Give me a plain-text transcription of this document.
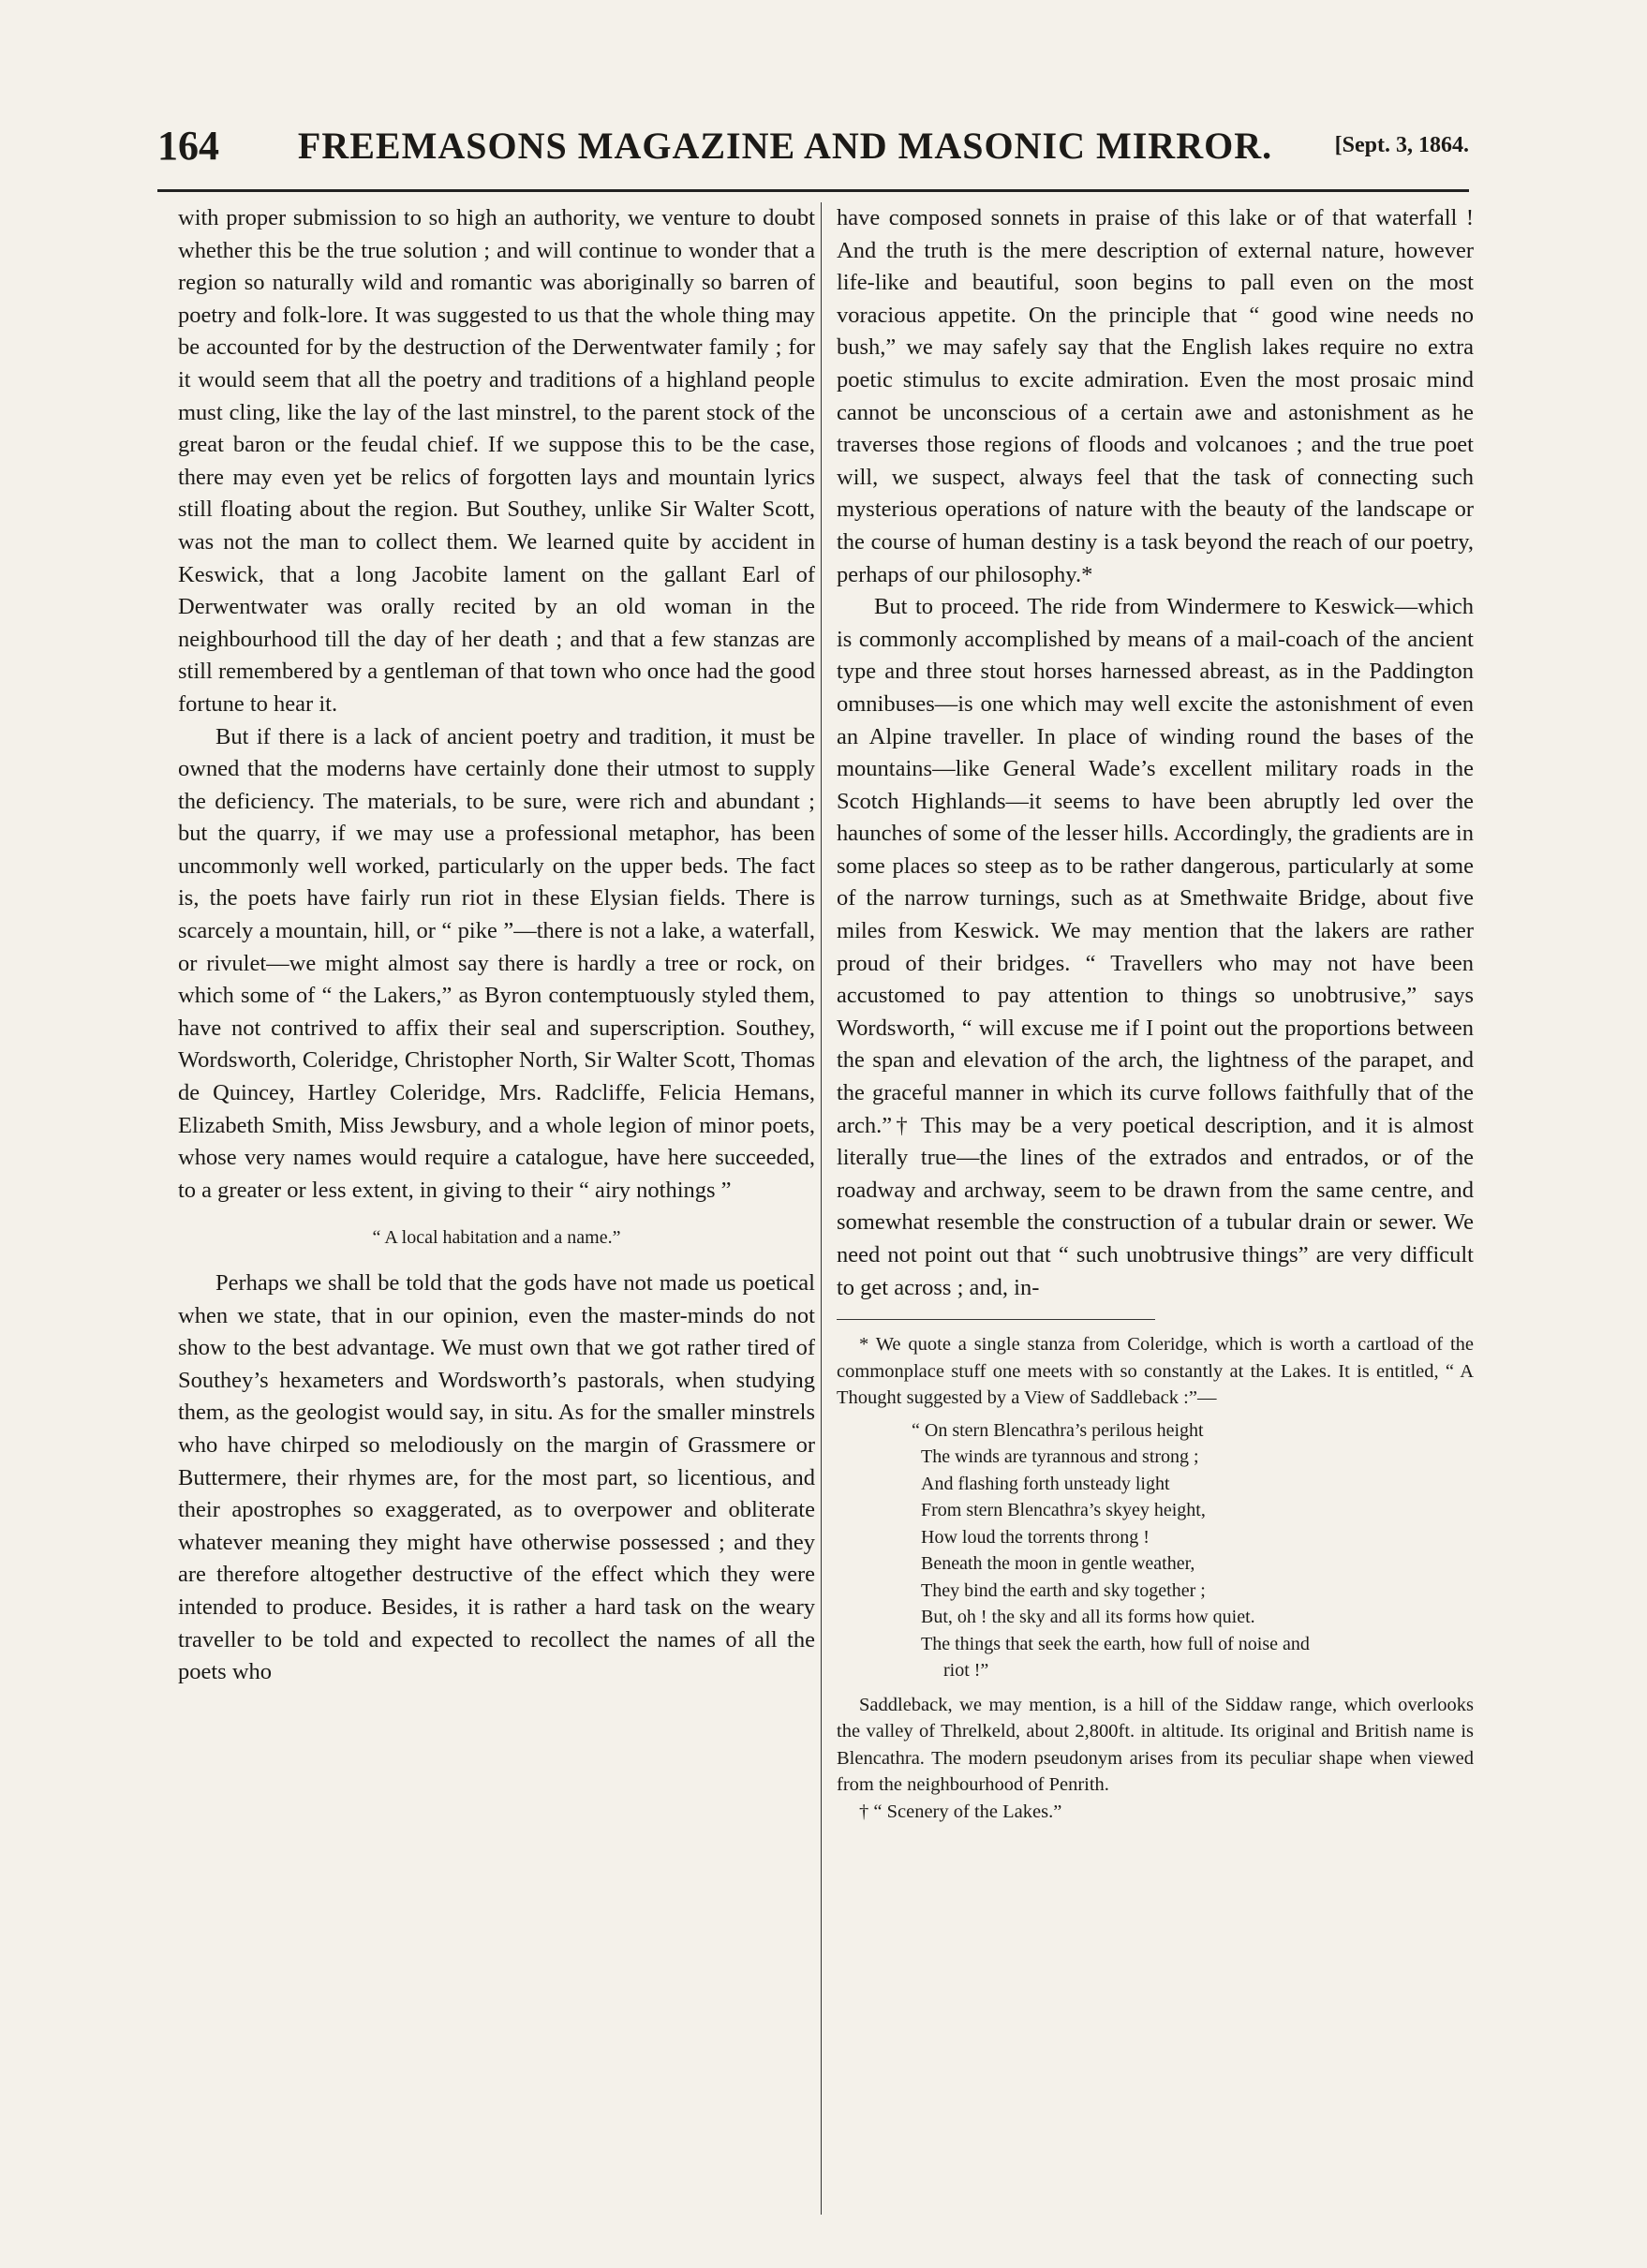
164	FREEMASONS MAGAZINE AND MASONIC MIRROR.	[Sept. 3, 1864.

with proper submission to so high an authority, we venture to doubt whether this be the true solution ; and will continue to wonder that a region so naturally wild and romantic was aboriginally so barren of poetry and folk-lore. It was suggested to us that the whole thing may be accounted for by the destruction of the Derwentwater family ; for it would seem that all the poetry and traditions of a highland people must cling, like the lay of the last minstrel, to the parent stock of the great baron or the feudal chief. If we suppose this to be the case, there may even yet be relics of forgotten lays and mountain lyrics still floating about the region. But Southey, unlike Sir Walter Scott, was not the man to collect them. We learned quite by accident in Keswick, that a long Jacobite lament on the gallant Earl of Derwentwater was orally recited by an old woman in the neighbourhood till the day of her death ; and that a few stanzas are still remembered by a gentleman of that town who once had the good fortune to hear it.

But if there is a lack of ancient poetry and tradition, it must be owned that the moderns have certainly done their utmost to supply the deficiency. The materials, to be sure, were rich and abundant ; but the quarry, if we may use a professional metaphor, has been uncommonly well worked, particularly on the upper beds. The fact is, the poets have fairly run riot in these Elysian fields. There is scarcely a mountain, hill, or “ pike ”—there is not a lake, a waterfall, or rivulet—we might almost say there is hardly a tree or rock, on which some of “ the Lakers,” as Byron contemptuously styled them, have not contrived to affix their seal and superscription. Southey, Wordsworth, Coleridge, Christopher North, Sir Walter Scott, Thomas de Quincey, Hartley Coleridge, Mrs. Radcliffe, Felicia Hemans, Elizabeth Smith, Miss Jewsbury, and a whole legion of minor poets, whose very names would require a catalogue, have here succeeded, to a greater or less extent, in giving to their “ airy nothings ”

“ A local habitation and a name.”

Perhaps we shall be told that the gods have not made us poetical when we state, that in our opinion, even the master-minds do not show to the best advantage. We must own that we got rather tired of Southey’s hexameters and Wordsworth’s pastorals, when studying them, as the geologist would say, in situ. As for the smaller minstrels who have chirped so melodiously on the margin of Grassmere or Buttermere, their rhymes are, for the most part, so licentious, and their apostrophes so exaggerated, as to overpower and obliterate whatever meaning they might have otherwise possessed ; and they are therefore altogether destructive of the effect which they were intended to produce. Besides, it is rather a hard task on the weary traveller to be told and expected to recollect the names of all the poets who

have composed sonnets in praise of this lake or of that waterfall ! And the truth is the mere description of external nature, however life-like and beautiful, soon begins to pall even on the most voracious appetite. On the principle that “ good wine needs no bush,” we may safely say that the English lakes require no extra poetic stimulus to excite admiration. Even the most prosaic mind cannot be unconscious of a certain awe and astonishment as he traverses those regions of floods and volcanoes ; and the true poet will, we suspect, always feel that the task of connecting such mysterious operations of nature with the beauty of the landscape or the course of human destiny is a task beyond the reach of our poetry, perhaps of our philosophy.*

But to proceed. The ride from Windermere to Keswick—which is commonly accomplished by means of a mail-coach of the ancient type and three stout horses harnessed abreast, as in the Paddington omnibuses—is one which may well excite the astonishment of even an Alpine traveller. In place of winding round the bases of the mountains—like General Wade’s excellent military roads in the Scotch Highlands—it seems to have been abruptly led over the haunches of some of the lesser hills. Accordingly, the gradients are in some places so steep as to be rather dangerous, particularly at some of the narrow turnings, such as at Smethwaite Bridge, about five miles from Keswick. We may mention that the lakers are rather proud of their bridges. “ Travellers who may not have been accustomed to pay attention to things so unobtrusive,” says Wordsworth, “ will excuse me if I point out the proportions between the span and elevation of the arch, the lightness of the parapet, and the graceful manner in which its curve follows faithfully that of the arch.”† This may be a very poetical description, and it is almost literally true—the lines of the extrados and entrados, or of the roadway and archway, seem to be drawn from the same centre, and somewhat resemble the construction of a tubular drain or sewer. We need not point out that “ such unobtrusive things” are very difficult to get across ; and, in-

* We quote a single stanza from Coleridge, which is worth a cartload of the commonplace stuff one meets with so constantly at the Lakes. It is entitled, “ A Thought suggested by a View of Saddleback :”—

“ On stern Blencathra’s perilous height
The winds are tyrannous and strong ;
And flashing forth unsteady light
From stern Blencathra’s skyey height,
How loud the torrents throng !
Beneath the moon in gentle weather,
They bind the earth and sky together ;
But, oh ! the sky and all its forms how quiet.
The things that seek the earth, how full of noise and
riot !”

Saddleback, we may mention, is a hill of the Siddaw range, which overlooks the valley of Threlkeld, about 2,800ft. in altitude. Its original and British name is Blencathra. The modern pseudonym arises from its peculiar shape when viewed from the neighbourhood of Penrith.

† “ Scenery of the Lakes.”
